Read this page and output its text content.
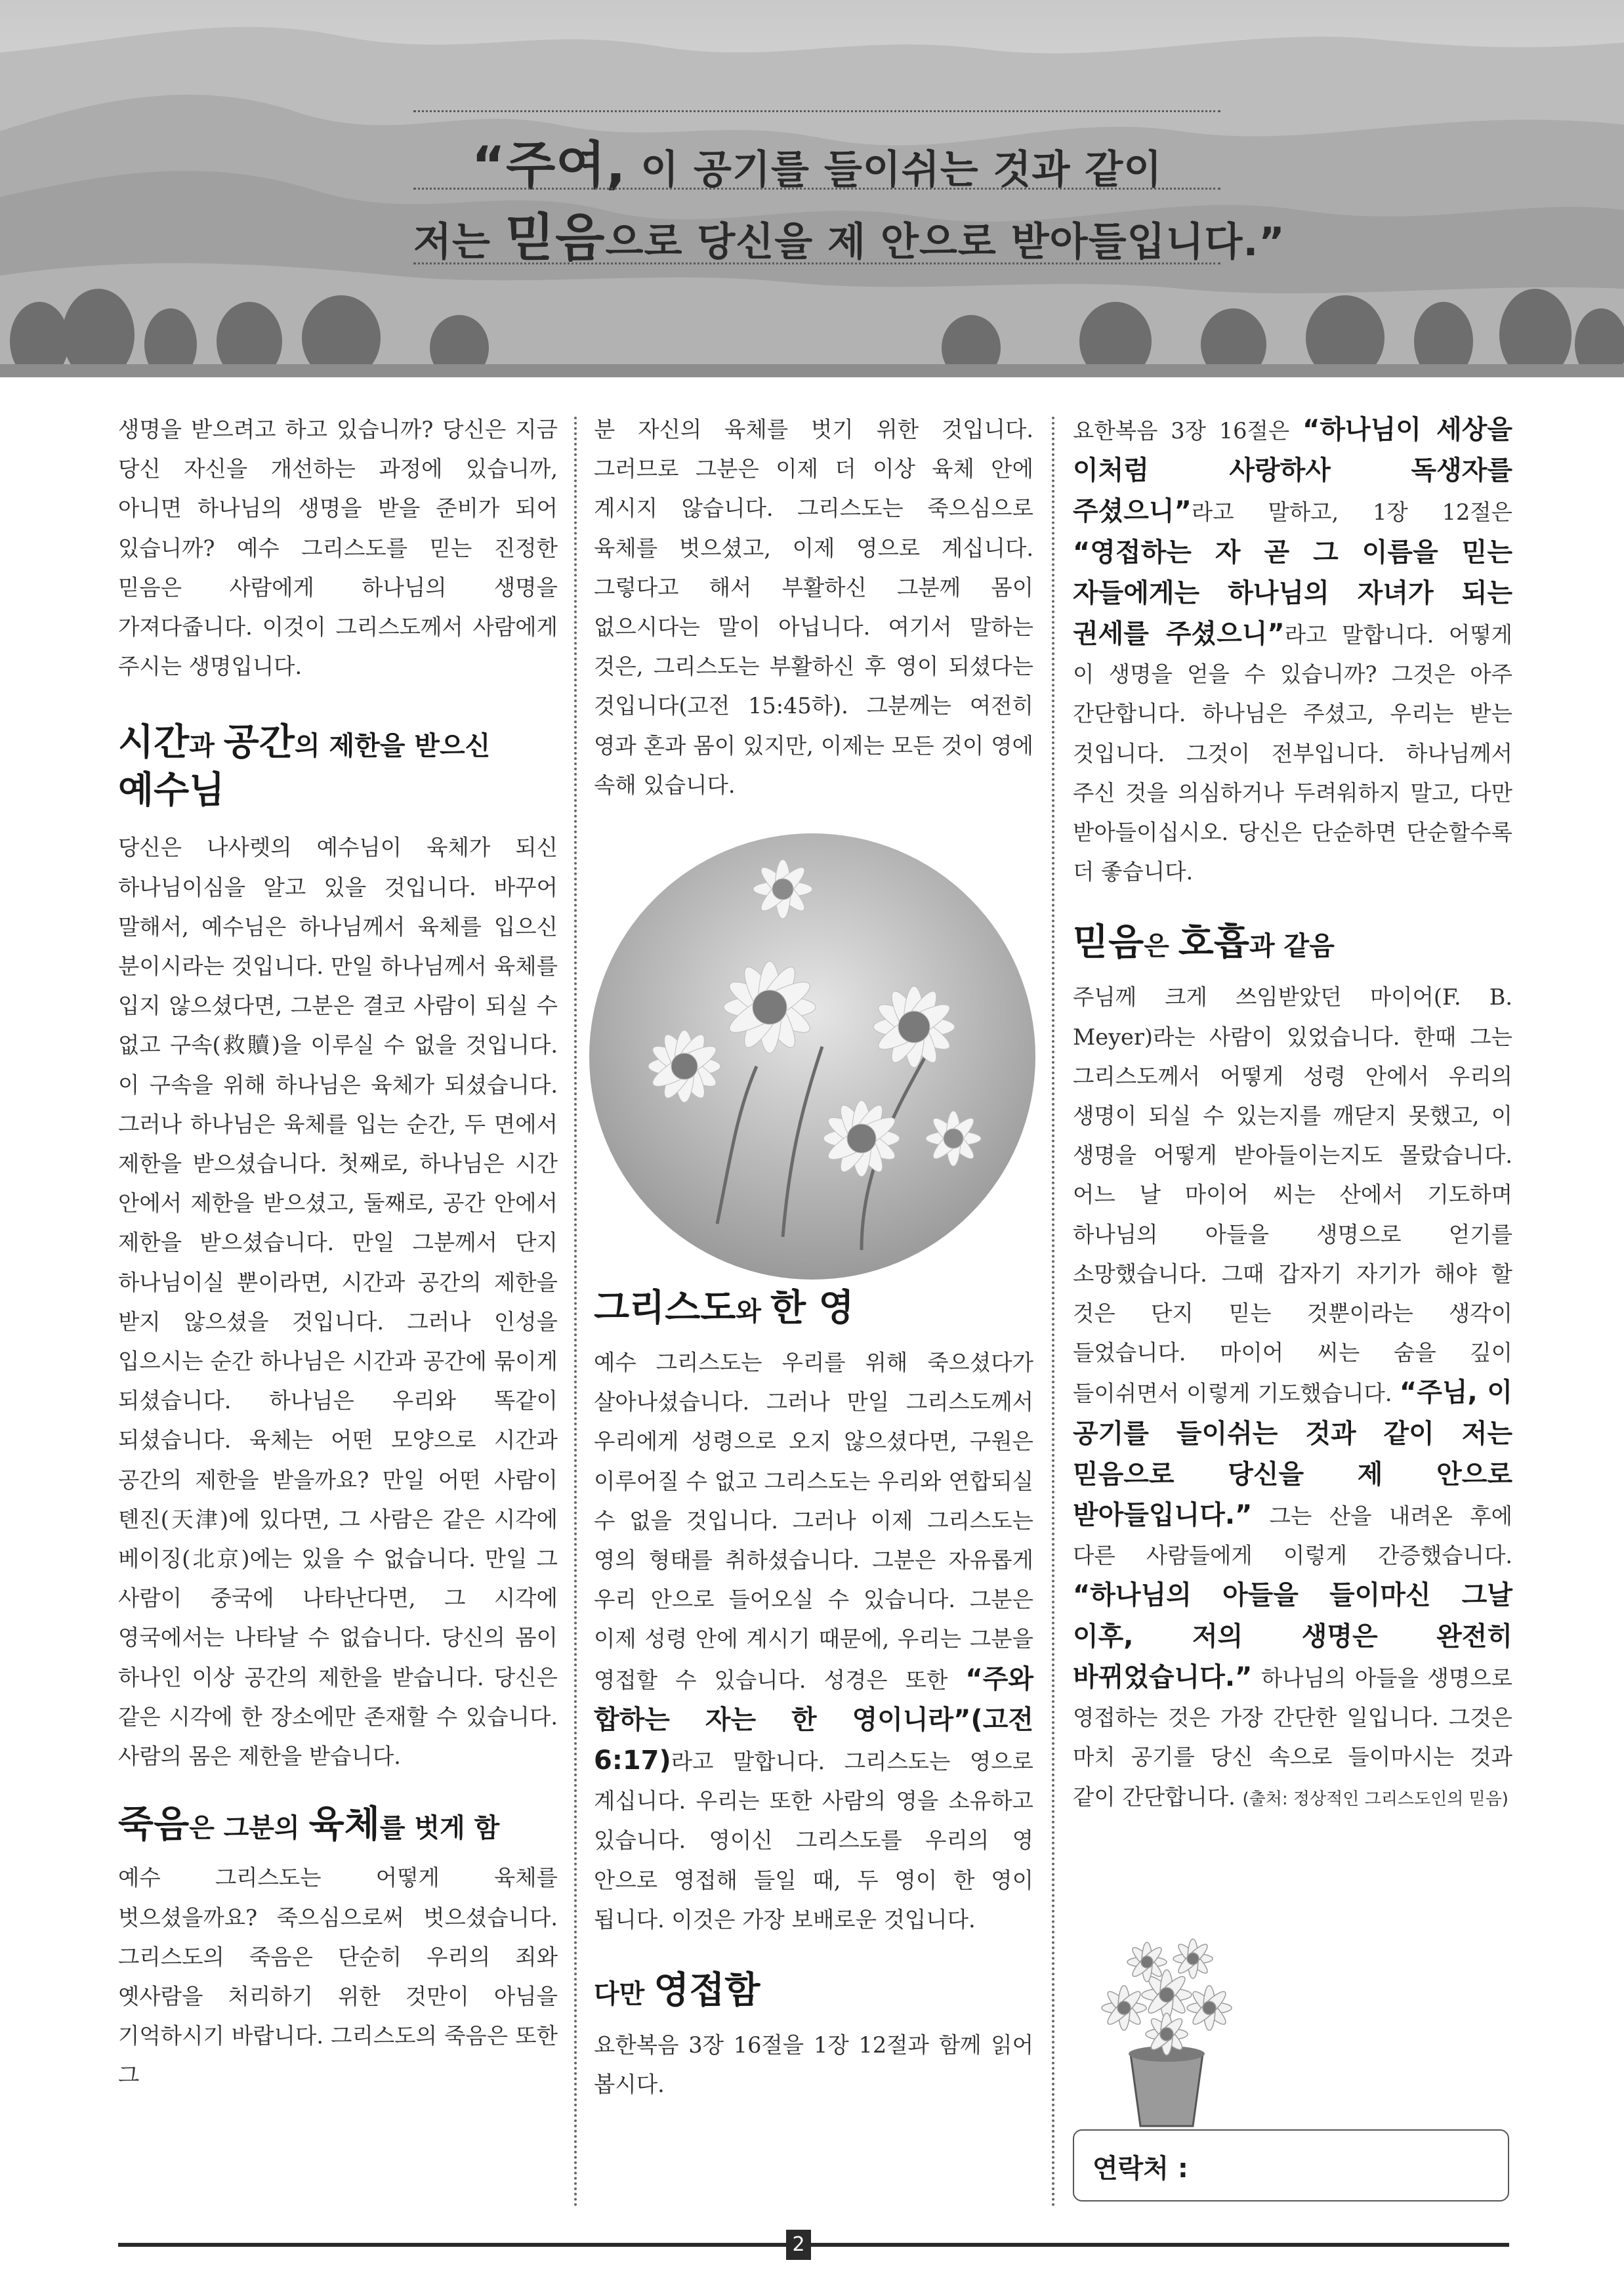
“주여, 이 공기를 들이쉬는 것과 같이
저는 믿음으로 당신을 제 안으로 받아들입니다.”

생명을 받으려고 하고 있습니까? 당신은 지금 당신 자신을 개선하는 과정에 있습니까, 아니면 하나님의 생명을 받을 준비가 되어 있습니까? 예수 그리스도를 믿는 진정한 믿음은 사람에게 하나님의 생명을 가져다줍니다. 이것이 그리스도께서 사람에게 주시는 생명입니다.

시간과 공간의 제한을 받으신 예수님

당신은 나사렛의 예수님이 육체가 되신 하나님이심을 알고 있을 것입니다. 바꾸어 말해서, 예수님은 하나님께서 육체를 입으신 분이시라는 것입니다. 만일 하나님께서 육체를 입지 않으셨다면, 그분은 결코 사람이 되실 수 없고 구속(救贖)을 이루실 수 없을 것입니다. 이 구속을 위해 하나님은 육체가 되셨습니다. 그러나 하나님은 육체를 입는 순간, 두 면에서 제한을 받으셨습니다. 첫째로, 하나님은 시간 안에서 제한을 받으셨고, 둘째로, 공간 안에서 제한을 받으셨습니다. 만일 그분께서 단지 하나님이실 뿐이라면, 시간과 공간의 제한을 받지 않으셨을 것입니다. 그러나 인성을 입으시는 순간 하나님은 시간과 공간에 묶이게 되셨습니다. 하나님은 우리와 똑같이 되셨습니다. 육체는 어떤 모양으로 시간과 공간의 제한을 받을까요? 만일 어떤 사람이 톈진(天津)에 있다면, 그 사람은 같은 시각에 베이징(北京)에는 있을 수 없습니다. 만일 그 사람이 중국에 나타난다면, 그 시각에 영국에서는 나타날 수 없습니다. 당신의 몸이 하나인 이상 공간의 제한을 받습니다. 당신은 같은 시각에 한 장소에만 존재할 수 있습니다. 사람의 몸은 제한을 받습니다.

죽음은 그분의 육체를 벗게 함

예수 그리스도는 어떻게 육체를 벗으셨을까요? 죽으심으로써 벗으셨습니다. 그리스도의 죽음은 단순히 우리의 죄와 옛사람을 처리하기 위한 것만이 아님을 기억하시기 바랍니다. 그리스도의 죽음은 또한 그

분 자신의 육체를 벗기 위한 것입니다. 그러므로 그분은 이제 더 이상 육체 안에 계시지 않습니다. 그리스도는 죽으심으로 육체를 벗으셨고, 이제 영으로 계십니다. 그렇다고 해서 부활하신 그분께 몸이 없으시다는 말이 아닙니다. 여기서 말하는 것은, 그리스도는 부활하신 후 영이 되셨다는 것입니다(고전 15:45하). 그분께는 여전히 영과 혼과 몸이 있지만, 이제는 모든 것이 영에 속해 있습니다.

그리스도와 한 영

예수 그리스도는 우리를 위해 죽으셨다가 살아나셨습니다. 그러나 만일 그리스도께서 우리에게 성령으로 오지 않으셨다면, 구원은 이루어질 수 없고 그리스도는 우리와 연합되실 수 없을 것입니다. 그러나 이제 그리스도는 영의 형태를 취하셨습니다. 그분은 자유롭게 우리 안으로 들어오실 수 있습니다. 그분은 이제 성령 안에 계시기 때문에, 우리는 그분을 영접할 수 있습니다. 성경은 또한 “주와 합하는 자는 한 영이니라”(고전 6:17)라고 말합니다. 그리스도는 영으로 계십니다. 우리는 또한 사람의 영을 소유하고 있습니다. 영이신 그리스도를 우리의 영 안으로 영접해 들일 때, 두 영이 한 영이 됩니다. 이것은 가장 보배로운 것입니다.

다만 영접함

요한복음 3장 16절을 1장 12절과 함께 읽어 봅시다.

요한복음 3장 16절은 “하나님이 세상을 이처럼 사랑하사 독생자를 주셨으니”라고 말하고, 1장 12절은 “영접하는 자 곧 그 이름을 믿는 자들에게는 하나님의 자녀가 되는 권세를 주셨으니”라고 말합니다. 어떻게 이 생명을 얻을 수 있습니까? 그것은 아주 간단합니다. 하나님은 주셨고, 우리는 받는 것입니다. 그것이 전부입니다. 하나님께서 주신 것을 의심하거나 두려워하지 말고, 다만 받아들이십시오. 당신은 단순하면 단순할수록 더 좋습니다.

믿음은 호흡과 같음

주님께 크게 쓰임받았던 마이어(F. B. Meyer)라는 사람이 있었습니다. 한때 그는 그리스도께서 어떻게 성령 안에서 우리의 생명이 되실 수 있는지를 깨닫지 못했고, 이 생명을 어떻게 받아들이는지도 몰랐습니다. 어느 날 마이어 씨는 산에서 기도하며 하나님의 아들을 생명으로 얻기를 소망했습니다. 그때 갑자기 자기가 해야 할 것은 단지 믿는 것뿐이라는 생각이 들었습니다. 마이어 씨는 숨을 깊이 들이쉬면서 이렇게 기도했습니다. “주님, 이 공기를 들이쉬는 것과 같이 저는 믿음으로 당신을 제 안으로 받아들입니다.” 그는 산을 내려온 후에 다른 사람들에게 이렇게 간증했습니다. “하나님의 아들을 들이마신 그날 이후, 저의 생명은 완전히 바뀌었습니다.” 하나님의 아들을 생명으로 영접하는 것은 가장 간단한 일입니다. 그것은 마치 공기를 당신 속으로 들이마시는 것과 같이 간단합니다. (출처: 정상적인 그리스도인의 믿음)

연락처 :
2
